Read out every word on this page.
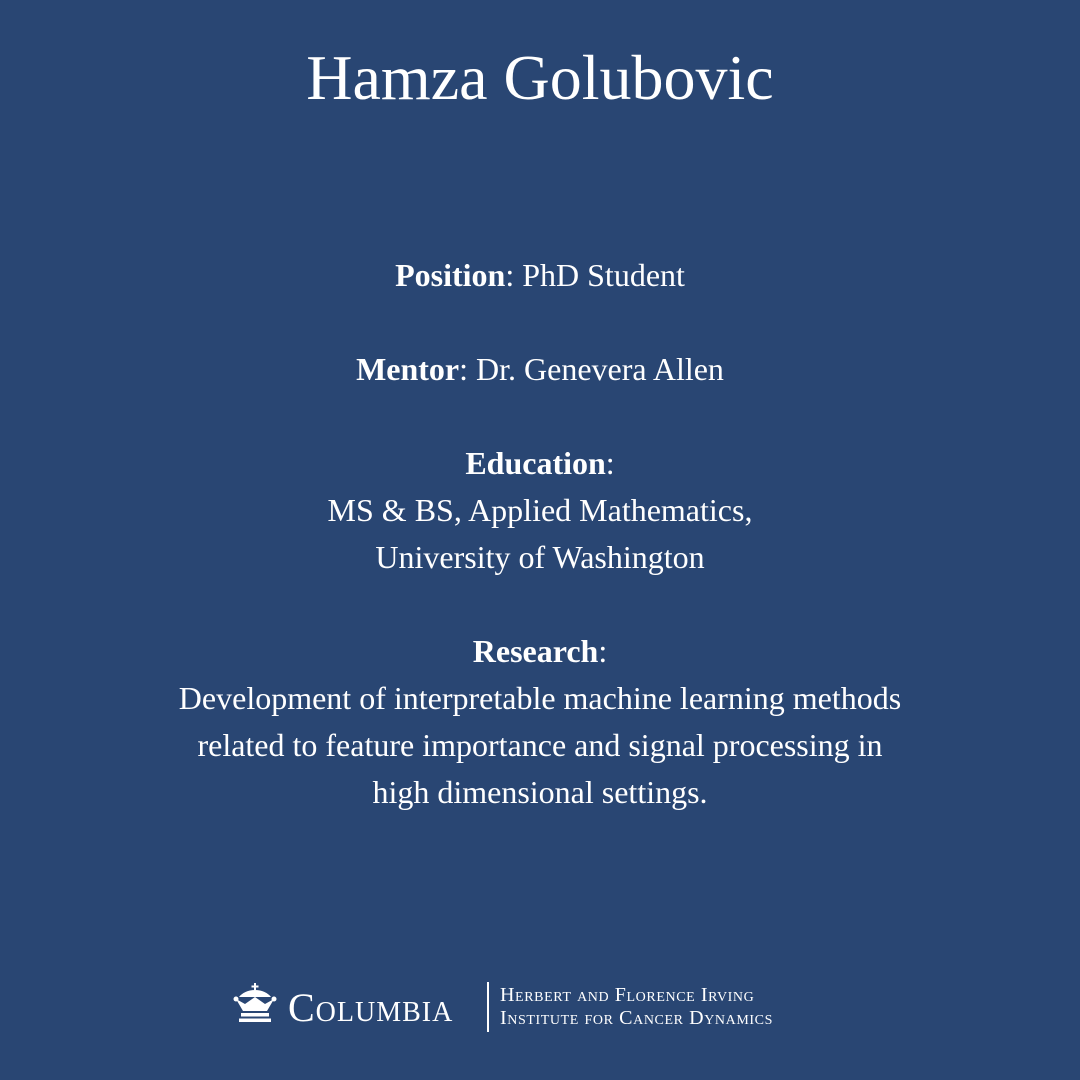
Hamza Golubovic

Position: PhD Student

Mentor: Dr. Genevera Allen

Education:

MS & BS, Applied Mathematics,

University of Washington

Research:

Development of interpretable machine learning methods

related to feature importance and signal processing in

high dimensional settings.

Columbia Herbert and Florence Irving
Institute for Cancer Dynamics
